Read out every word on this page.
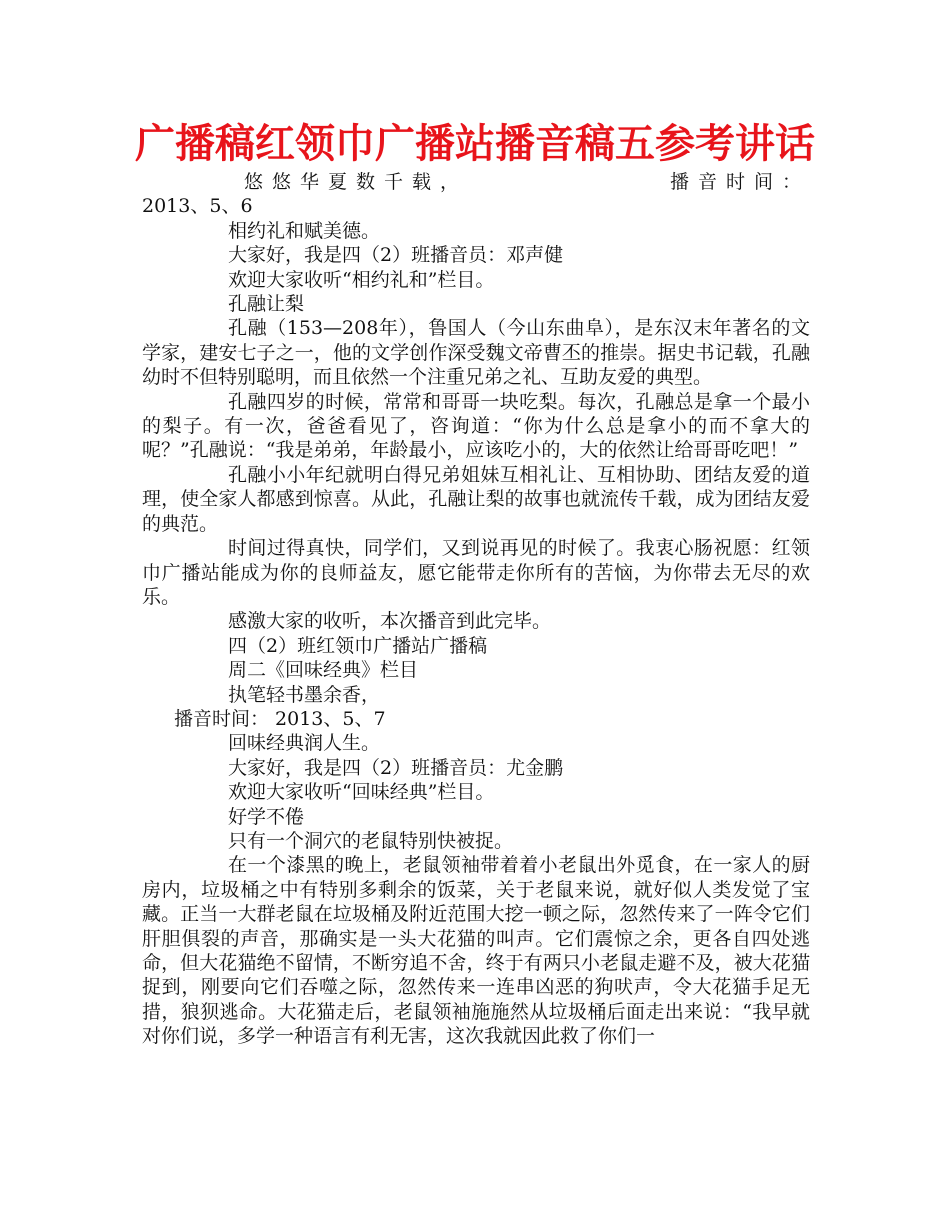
广播稿红领巾广播站播音稿五参考讲话
悠悠华夏数千载，	播音时间：

2013、5、6

相约礼和赋美德。

大家好，我是四（2）班播音员：邓声健

欢迎大家收听“相约礼和”栏目。

孔融让梨

孔融（153—208年），鲁国人（今山东曲阜），是东汉末年著名的文学家，建安七子之一，他的文学创作深受魏文帝曹丕的推崇。据史书记载，孔融幼时不但特别聪明，而且依然一个注重兄弟之礼、互助友爱的典型。

孔融四岁的时候，常常和哥哥一块吃梨。每次，孔融总是拿一个最小的梨子。有一次，爸爸看见了，咨询道：“你为什么总是拿小的而不拿大的呢？”孔融说：“我是弟弟，年龄最小，应该吃小的，大的依然让给哥哥吃吧！”

孔融小小年纪就明白得兄弟姐妹互相礼让、互相协助、团结友爱的道理，使全家人都感到惊喜。从此，孔融让梨的故事也就流传千载，成为团结友爱的典范。

时间过得真快，同学们，又到说再见的时候了。我衷心肠祝愿：红领巾广播站能成为你的良师益友，愿它能带走你所有的苦恼，为你带去无尽的欢乐。

感激大家的收听，本次播音到此完毕。

四（2）班红领巾广播站广播稿

周二《回味经典》栏目

执笔轻书墨余香，

播音时间： 2013、5、7

回味经典润人生。

大家好，我是四（2）班播音员：尤金鹏

欢迎大家收听“回味经典”栏目。

好学不倦

只有一个洞穴的老鼠特别快被捉。

在一个漆黑的晚上，老鼠领袖带着着小老鼠出外觅食，在一家人的厨房内，垃圾桶之中有特别多剩余的饭菜，关于老鼠来说，就好似人类发觉了宝藏。正当一大群老鼠在垃圾桶及附近范围大挖一顿之际，忽然传来了一阵令它们肝胆俱裂的声音，那确实是一头大花猫的叫声。它们震惊之余，更各自四处逃命，但大花猫绝不留情，不断穷追不舍，终于有两只小老鼠走避不及，被大花猫捉到，刚要向它们吞噬之际，忽然传来一连串凶恶的狗吠声，令大花猫手足无措，狼狈逃命。大花猫走后，老鼠领袖施施然从垃圾桶后面走出来说：“我早就对你们说，多学一种语言有利无害，这次我就因此救了你们一
